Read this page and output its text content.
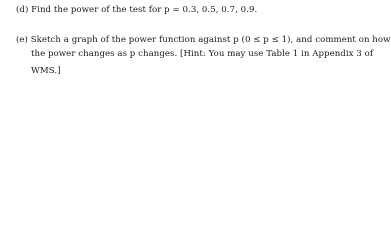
(d) Find the power of the test for p = 0.3, 0.5, 0.7, 0.9.
(e) Sketch a graph of the power function against p (0 ≤ p ≤ 1), and comment on how
the power changes as p changes. [Hint: You may use Table 1 in Appendix 3 of
WMS.]
